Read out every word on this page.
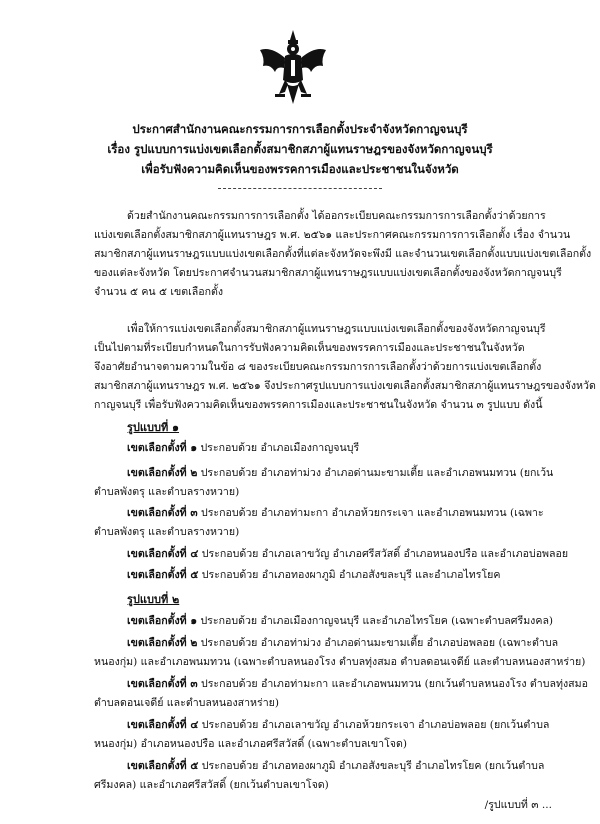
ประกาศสำนักงานคณะกรรมการการเลือกตั้งประจำจังหวัดกาญจนบุรี
เรื่อง รูปแบบการแบ่งเขตเลือกตั้งสมาชิกสภาผู้แทนราษฎรของจังหวัดกาญจนบุรี
เพื่อรับฟังความคิดเห็นของพรรคการเมืองและประชาชนในจังหวัด
ด้วยสำนักงานคณะกรรมการการเลือกตั้ง ได้ออกระเบียบคณะกรรมการการเลือกตั้งว่าด้วยการ
แบ่งเขตเลือกตั้งสมาชิกสภาผู้แทนราษฎร พ.ศ. ๒๕๖๑ และประกาศคณะกรรมการการเลือกตั้ง เรื่อง จำนวน
สมาชิกสภาผู้แทนราษฎรแบบแบ่งเขตเลือกตั้งที่แต่ละจังหวัดจะพึงมี และจำนวนเขตเลือกตั้งแบบแบ่งเขตเลือกตั้ง
ของแต่ละจังหวัด โดยประกาศจำนวนสมาชิกสภาผู้แทนราษฎรแบบแบ่งเขตเลือกตั้งของจังหวัดกาญจนบุรี
จำนวน ๕ คน ๕ เขตเลือกตั้ง
เพื่อให้การแบ่งเขตเลือกตั้งสมาชิกสภาผู้แทนราษฎรแบบแบ่งเขตเลือกตั้งของจังหวัดกาญจนบุรี
เป็นไปตามที่ระเบียบกำหนดในการรับฟังความคิดเห็นของพรรคการเมืองและประชาชนในจังหวัด
จึงอาศัยอำนาจตามความในข้อ ๘ ของระเบียบคณะกรรมการการเลือกตั้งว่าด้วยการแบ่งเขตเลือกตั้ง
สมาชิกสภาผู้แทนราษฎร พ.ศ. ๒๕๖๑ จึงประกาศรูปแบบการแบ่งเขตเลือกตั้งสมาชิกสภาผู้แทนราษฎรของจังหวัด
กาญจนบุรี เพื่อรับฟังความคิดเห็นของพรรคการเมืองและประชาชนในจังหวัด จำนวน ๓ รูปแบบ ดังนี้
รูปแบบที่ ๑
เขตเลือกตั้งที่ ๑ ประกอบด้วย อำเภอเมืองกาญจนบุรี
เขตเลือกตั้งที่ ๒ ประกอบด้วย อำเภอท่าม่วง อำเภอด่านมะขามเตี้ย และอำเภอพนมทวน (ยกเว้น
ตำบลพังตรุ และตำบลรางหวาย)
เขตเลือกตั้งที่ ๓ ประกอบด้วย อำเภอท่ามะกา อำเภอห้วยกระเจา และอำเภอพนมทวน (เฉพาะ
ตำบลพังตรุ และตำบลรางหวาย)
เขตเลือกตั้งที่ ๔ ประกอบด้วย อำเภอเลาขวัญ อำเภอศรีสวัสดิ์ อำเภอหนองปรือ และอำเภอบ่อพลอย
เขตเลือกตั้งที่ ๕ ประกอบด้วย อำเภอทองผาภูมิ อำเภอสังขละบุรี และอำเภอไทรโยค
รูปแบบที่ ๒
เขตเลือกตั้งที่ ๑ ประกอบด้วย อำเภอเมืองกาญจนบุรี และอำเภอไทรโยค (เฉพาะตำบลศรีมงคล)
เขตเลือกตั้งที่ ๒ ประกอบด้วย อำเภอท่าม่วง อำเภอด่านมะขามเตี้ย อำเภอบ่อพลอย (เฉพาะตำบล
หนองกุ่ม) และอำเภอพนมทวน (เฉพาะตำบลหนองโรง ตำบลทุ่งสมอ ตำบลดอนเจดีย์ และตำบลหนองสาหร่าย)
เขตเลือกตั้งที่ ๓ ประกอบด้วย อำเภอท่ามะกา และอำเภอพนมทวน (ยกเว้นตำบลหนองโรง ตำบลทุ่งสมอ
ตำบลดอนเจดีย์ และตำบลหนองสาหร่าย)
เขตเลือกตั้งที่ ๔ ประกอบด้วย อำเภอเลาขวัญ อำเภอห้วยกระเจา อำเภอบ่อพลอย (ยกเว้นตำบล
หนองกุ่ม) อำเภอหนองปรือ และอำเภอศรีสวัสดิ์ (เฉพาะตำบลเขาโจด)
เขตเลือกตั้งที่ ๕ ประกอบด้วย อำเภอทองผาภูมิ อำเภอสังขละบุรี อำเภอไทรโยค (ยกเว้นตำบล
ศรีมงคล) และอำเภอศรีสวัสดิ์ (ยกเว้นตำบลเขาโจด)
/รูปแบบที่ ๓ ...
